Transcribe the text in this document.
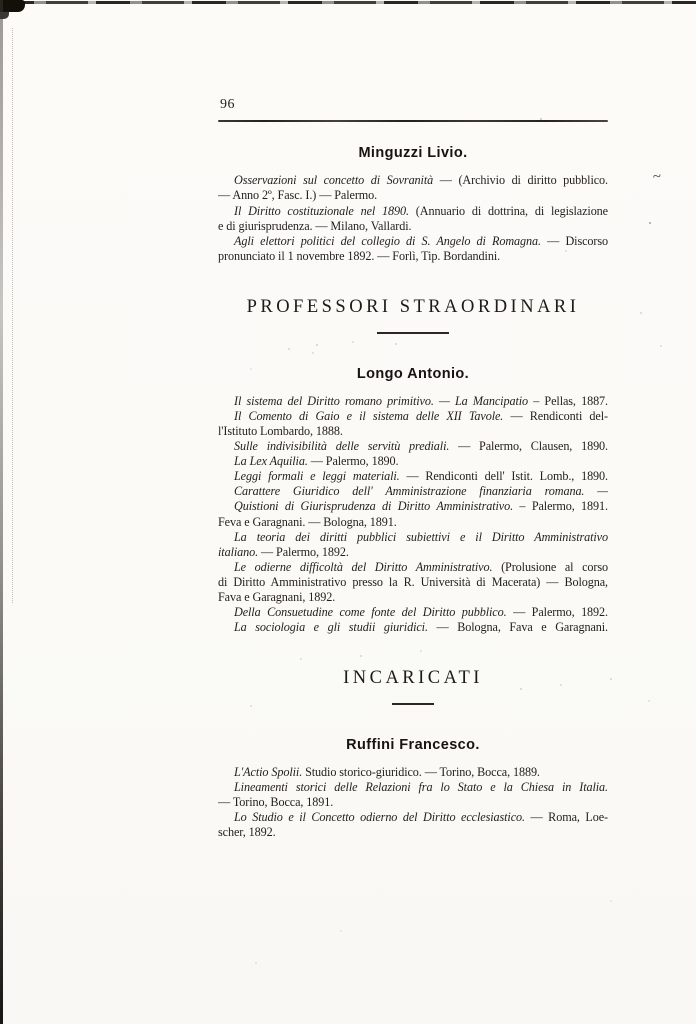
~
96
Minguzzi Livio.

Osservazioni sul concetto di Sovranità — (Archivio di diritto pubblico.
— Anno 2º, Fasc. I.) — Palermo.

Il Diritto costituzionale nel 1890. (Annuario di dottrina, di legislazione
e di giurisprudenza. — Milano, Vallardi.

Agli elettori politici del collegio di S. Angelo di Romagna. — Discorso
pronunciato il 1 novembre 1892. — Forlì, Tip. Bordandini.

PROFESSORI STRAORDINARI
Longo Antonio.

Il sistema del Diritto romano primitivo. — La Mancipatio – Pellas, 1887.

Il Comento di Gaio e il sistema delle XII Tavole. — Rendiconti del-
l'Istituto Lombardo, 1888.

Sulle indivisibilità delle servitù prediali. — Palermo, Clausen, 1890.

La Lex Aquilia. — Palermo, 1890.

Leggi formali e leggi materiali. — Rendiconti dell' Istit. Lomb., 1890.

Carattere Giuridico dell' Amministrazione finanziaria romana. —

Quistioni di Giurisprudenza di Diritto Amministrativo. – Palermo, 1891.
Feva e Garagnani. — Bologna, 1891.

La teoria dei diritti pubblici subiettivi e il Diritto Amministrativo
italiano. — Palermo, 1892.

Le odierne difficoltà del Diritto Amministrativo. (Prolusione al corso
di Diritto Amministrativo presso la R. Università di Macerata) — Bologna,
Fava e Garagnani, 1892.

Della Consuetudine come fonte del Diritto pubblico. — Palermo, 1892.

La sociologia e gli studii giuridici. — Bologna, Fava e Garagnani.

INCARICATI
Ruffini Francesco.

L'Actio Spolii. Studio storico-giuridico. — Torino, Bocca, 1889.

Lineamenti storici delle Relazioni fra lo Stato e la Chiesa in Italia.
— Torino, Bocca, 1891.

Lo Studio e il Concetto odierno del Diritto ecclesiastico. — Roma, Loe-
scher, 1892.
